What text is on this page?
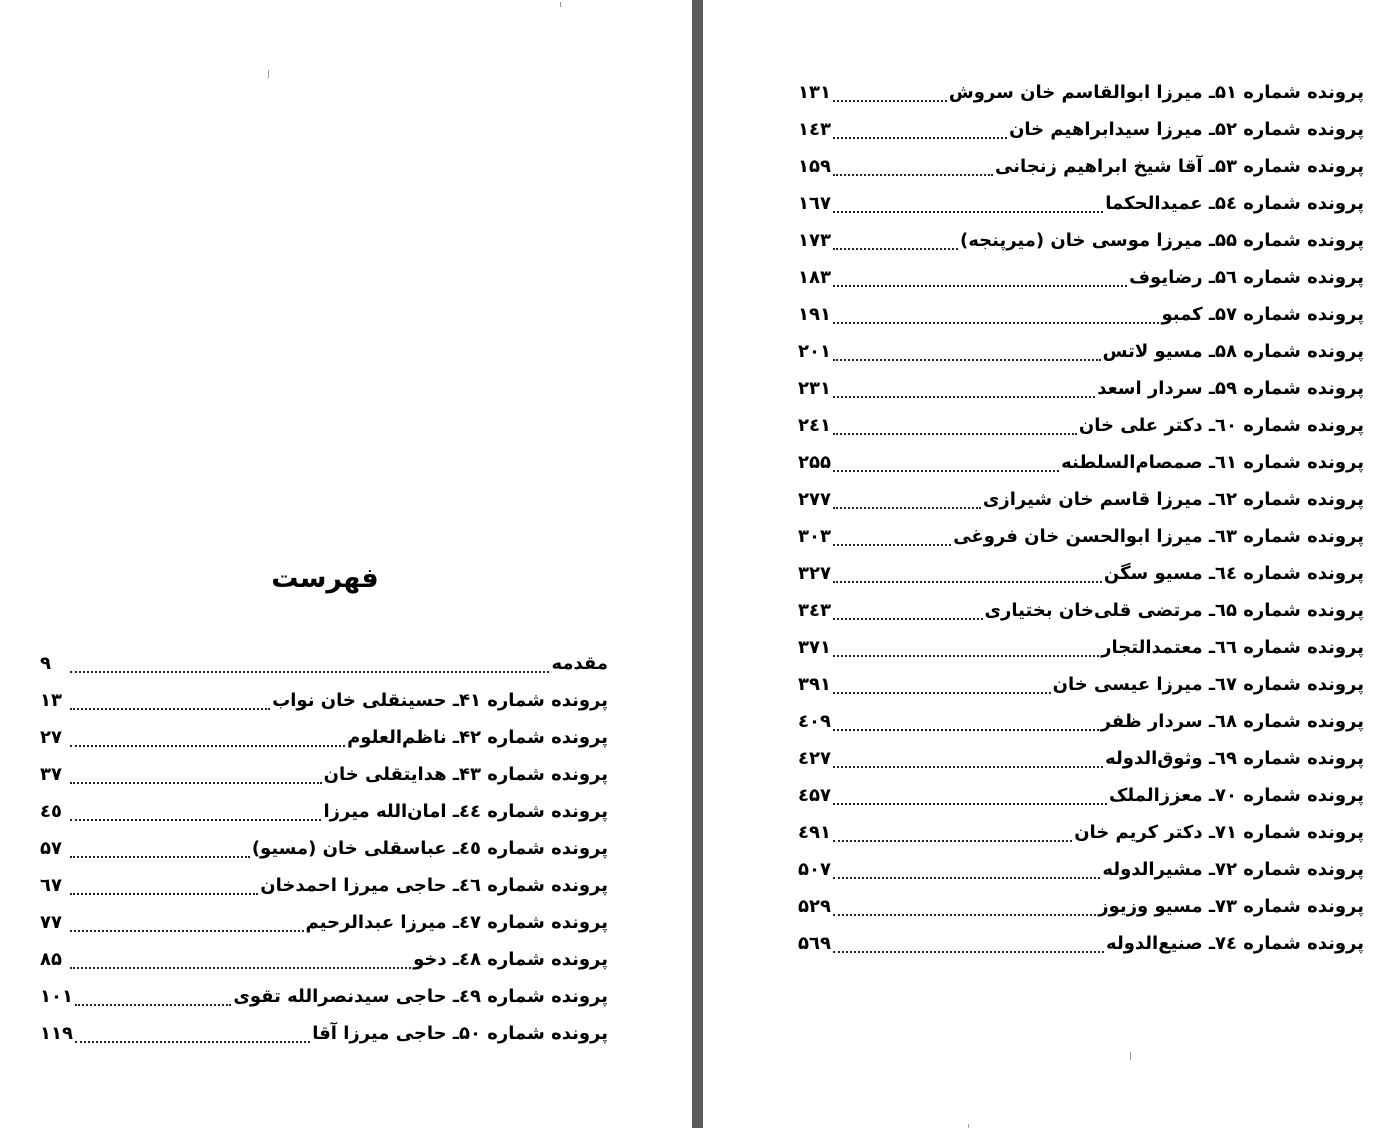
فهرست
مقدمه
۹
پرونده شماره ۴۱ـ حسینقلی خان نواب
۱۳
پرونده شماره ۴۲ـ ناظم‌العلوم
۲۷
پرونده شماره ۴۳ـ هدایتقلی خان
۳۷
پرونده شماره ٤٤ـ امان‌الله میرزا
٤٥
پرونده شماره ٤٥ـ عباسقلی خان (مسیو)
۵۷
پرونده شماره ٤٦ـ حاجی میرزا احمدخان
٦۷
پرونده شماره ٤۷ـ میرزا عبدالرحیم
۷۷
پرونده شماره ٤٨ـ دخو
٨۵
پرونده شماره ٤۹ـ حاجی سیدنصرالله تقوی
۱۰۱
پرونده شماره ۵۰ـ حاجی میرزا آقا
۱۱۹
پرونده شماره ۵۱ـ میرزا ابوالقاسم خان سروش
۱۳۱
پرونده شماره ۵۲ـ میرزا سیدابراهیم خان
۱٤۳
پرونده شماره ۵۳ـ آقا شیخ ابراهیم زنجانی
۱۵۹
پرونده شماره ۵٤ـ عمیدالحکما
۱٦۷
پرونده شماره ۵۵ـ میرزا موسی خان (میرپنجه)
۱۷۳
پرونده شماره ۵٦ـ رضایوف
۱٨۳
پرونده شماره ۵۷ـ کمبو
۱۹۱
پرونده شماره ۵٨ـ مسیو لاتس
۲۰۱
پرونده شماره ۵۹ـ سردار اسعد
۲۳۱
پرونده شماره ٦۰ـ دکتر علی خان
۲٤۱
پرونده شماره ٦۱ـ صمصام‌السلطنه
۲۵۵
پرونده شماره ٦۲ـ میرزا قاسم خان شیرازی
۲۷۷
پرونده شماره ٦۳ـ میرزا ابوالحسن خان فروغی
۳۰۳
پرونده شماره ٦٤ـ مسیو سگن
۳۲۷
پرونده شماره ٦۵ـ مرتضی قلی‌خان بختیاری
۳٤۳
پرونده شماره ٦٦ـ معتمدالتجار
۳۷۱
پرونده شماره ٦۷ـ میرزا عیسی خان
۳۹۱
پرونده شماره ٦٨ـ سردار ظفر
٤۰۹
پرونده شماره ٦۹ـ وثوق‌الدوله
٤۲۷
پرونده شماره ۷۰ـ معززالملک
٤۵۷
پرونده شماره ۷۱ـ دکتر کریم خان
٤۹۱
پرونده شماره ۷۲ـ مشیرالدوله
۵۰۷
پرونده شماره ۷۳ـ مسیو وزیوز
۵۲۹
پرونده شماره ۷٤ـ صنیع‌الدوله
۵٦۹
